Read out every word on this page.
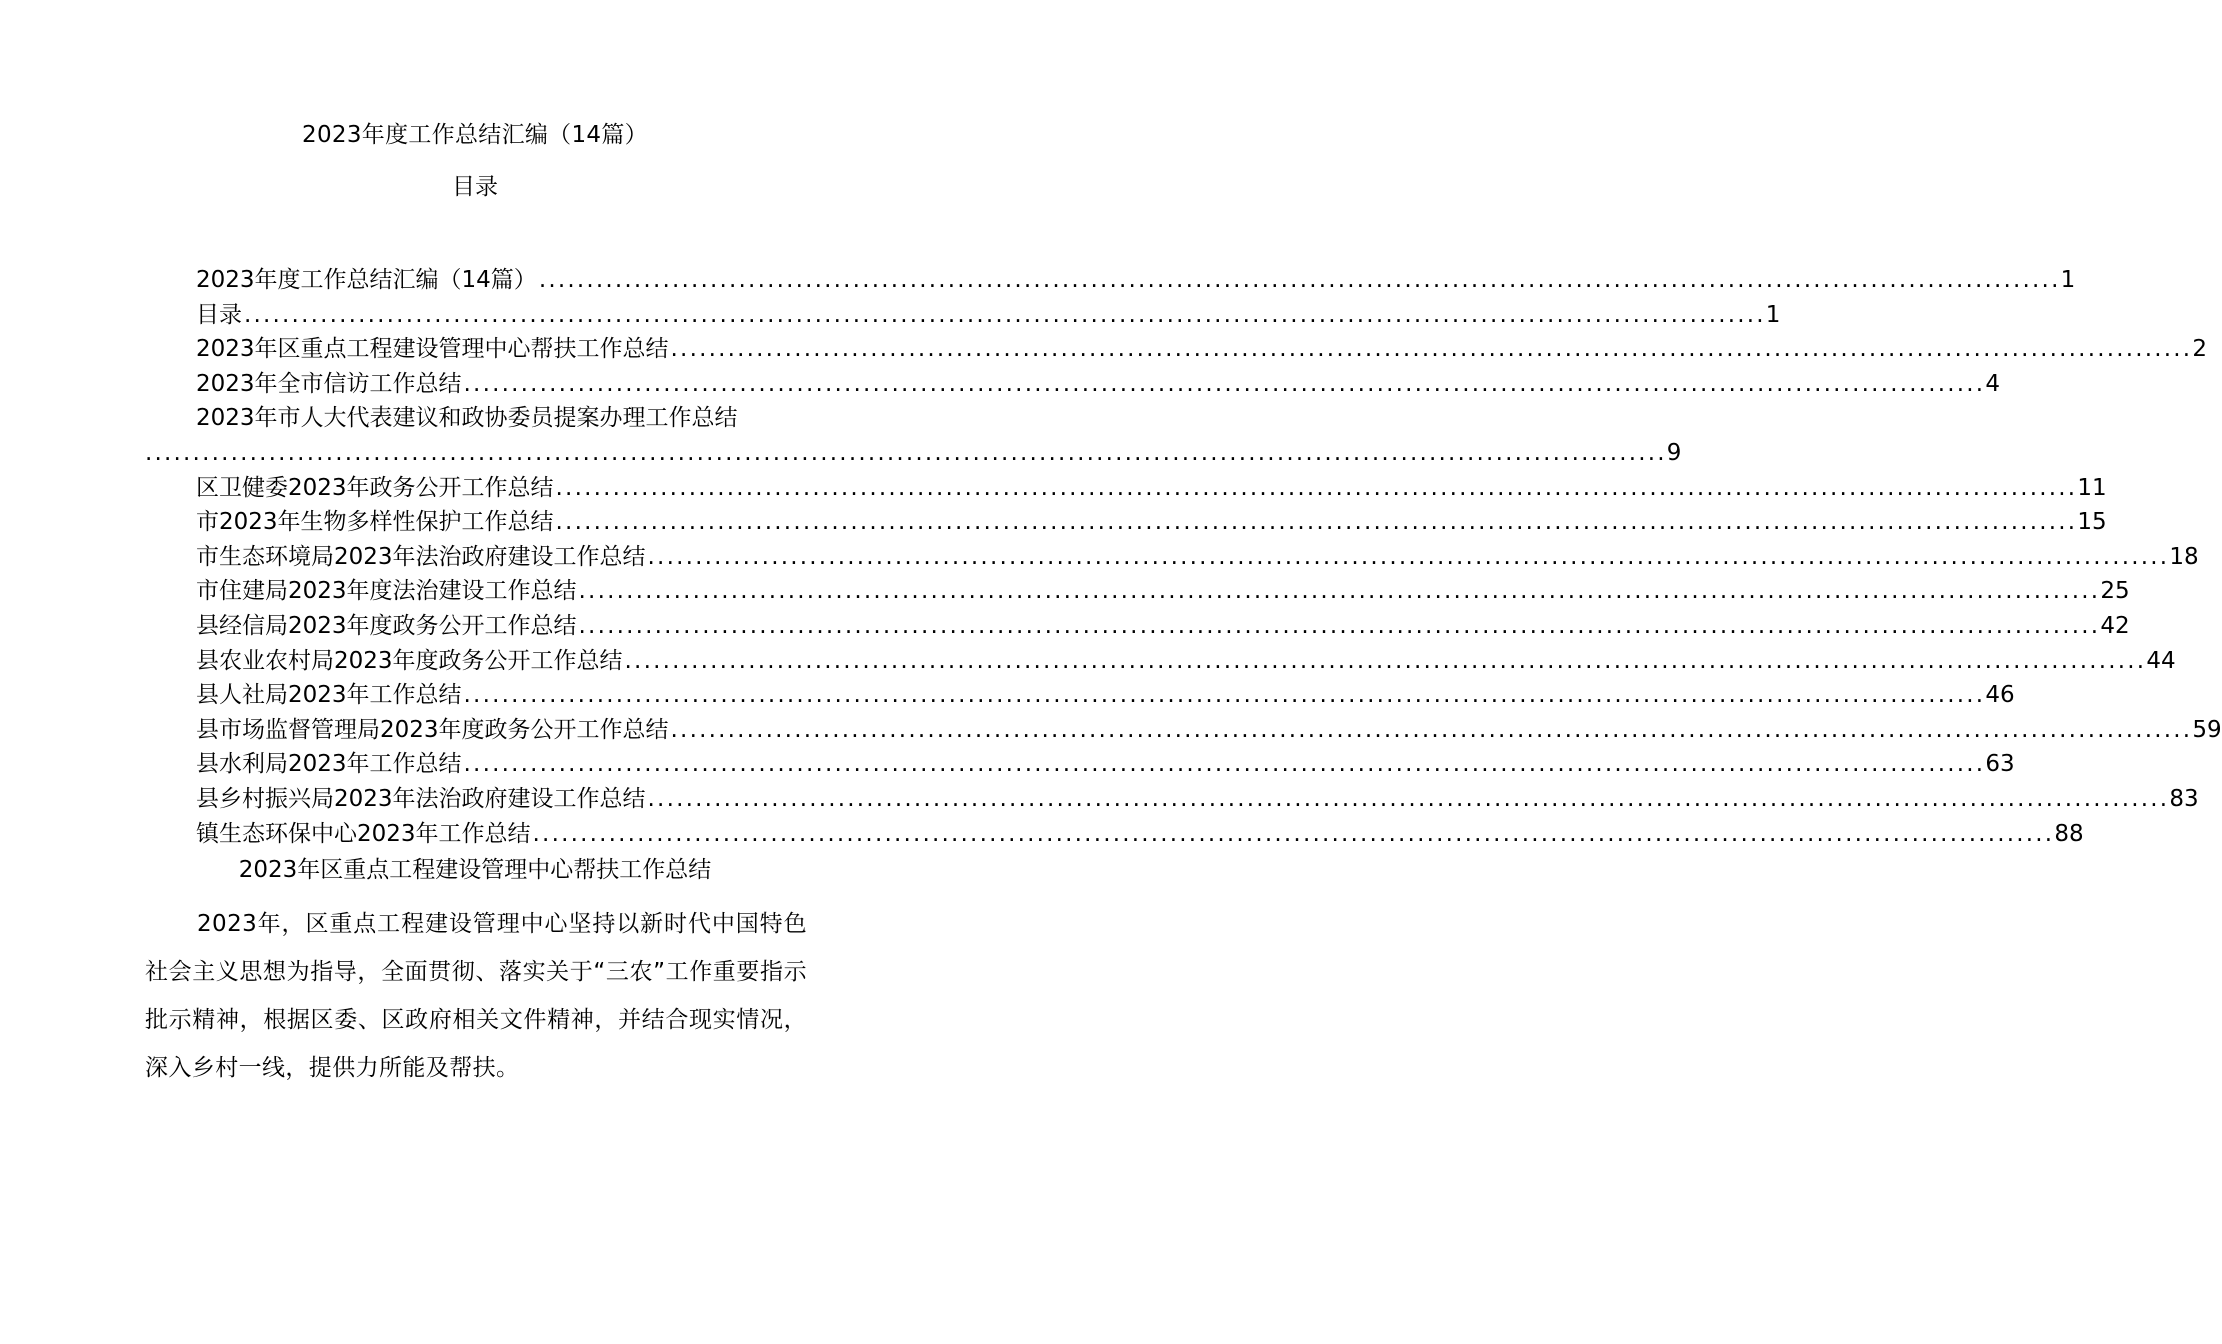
2023年度工作总结汇编（14篇）
目录
2023年度工作总结汇编（14篇） ................................................................................................................................................................ 1
目录 ................................................................................................................................................................ 1
2023年区重点工程建设管理中心帮扶工作总结 ................................................................................................................................................................ 2
2023年全市信访工作总结 ................................................................................................................................................................ 4
2023年市人大代表建议和政协委员提案办理工作总结
................................................................................................................................................................ 9
区卫健委2023年政务公开工作总结 ................................................................................................................................................................ 11
市2023年生物多样性保护工作总结 ................................................................................................................................................................ 15
市生态环境局2023年法治政府建设工作总结 ................................................................................................................................................................ 18
市住建局2023年度法治建设工作总结 ................................................................................................................................................................ 25
县经信局2023年度政务公开工作总结 ................................................................................................................................................................ 42
县农业农村局2023年度政务公开工作总结 ................................................................................................................................................................ 44
县人社局2023年工作总结 ................................................................................................................................................................ 46
县市场监督管理局2023年度政务公开工作总结 ................................................................................................................................................................ 59
县水利局2023年工作总结 ................................................................................................................................................................ 63
县乡村振兴局2023年法治政府建设工作总结 ................................................................................................................................................................ 83
镇生态环保中心2023年工作总结 ................................................................................................................................................................ 88
2023年区重点工程建设管理中心帮扶工作总结
2023年，区重点工程建设管理中心坚持以新时代中国特色社会主义思想为指导，全面贯彻、落实关于“三农”工作重要指示批示精神，根据区委、区政府相关文件精神，并结合现实情况，深入乡村一线，提供力所能及帮扶。
